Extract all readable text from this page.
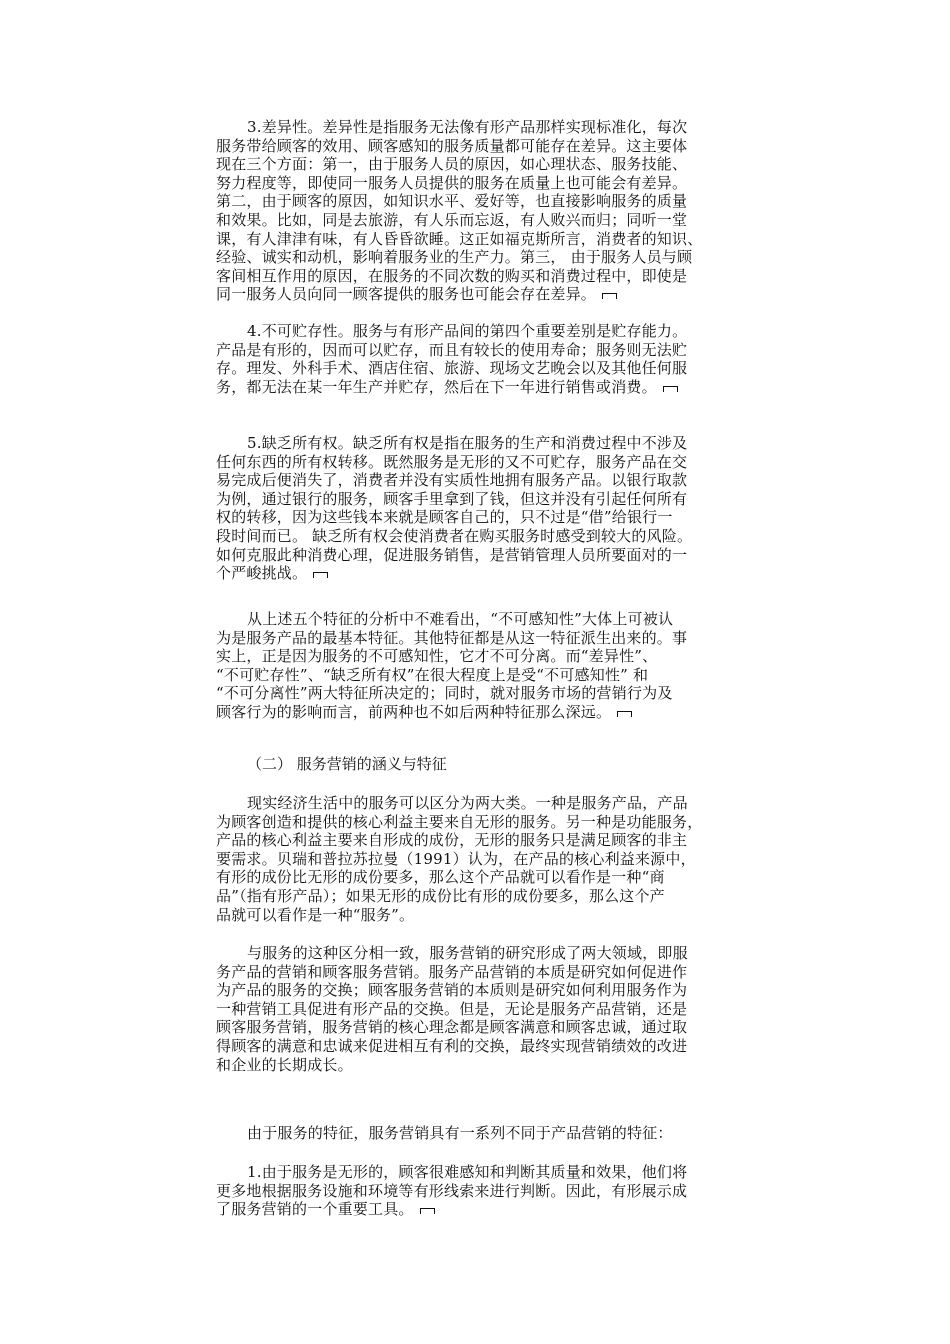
3.差异性。差异性是指服务无法像有形产品那样实现标准化，每次
服务带给顾客的效用、顾客感知的服务质量都可能存在差异。这主要体
现在三个方面：第一，由于服务人员的原因，如心理状态、服务技能、
努力程度等，即使同一服务人员提供的服务在质量上也可能会有差异。
第二，由于顾客的原因，如知识水平、爱好等，也直接影响服务的质量
和效果。比如，同是去旅游，有人乐而忘返，有人败兴而归；同听一堂
课，有人津津有味，有人昏昏欲睡。这正如福克斯所言，消费者的知识、
经验、诚实和动机，影响着服务业的生产力。第三， 由于服务人员与顾
客间相互作用的原因，在服务的不同次数的购买和消费过程中，即使是
同一服务人员向同一顾客提供的服务也可能会存在差异。
4.不可贮存性。服务与有形产品间的第四个重要差别是贮存能力。
产品是有形的，因而可以贮存，而且有较长的使用寿命；服务则无法贮
存。理发、外科手术、酒店住宿、旅游、现场文艺晚会以及其他任何服
务，都无法在某一年生产并贮存，然后在下一年进行销售或消费。
5.缺乏所有权。缺乏所有权是指在服务的生产和消费过程中不涉及
任何东西的所有权转移。既然服务是无形的又不可贮存，服务产品在交
易完成后便消失了，消费者并没有实质性地拥有服务产品。以银行取款
为例，通过银行的服务，顾客手里拿到了钱，但这并没有引起任何所有
权的转移，因为这些钱本来就是顾客自己的，只不过是“借”给银行一
段时间而已。 缺乏所有权会使消费者在购买服务时感受到较大的风险。
如何克服此种消费心理，促进服务销售，是营销管理人员所要面对的一
个严峻挑战。
从上述五个特征的分析中不难看出，“不可感知性”大体上可被认
为是服务产品的最基本特征。其他特征都是从这一特征派生出来的。事
实上，正是因为服务的不可感知性，它才不可分离。而“差异性”、
“不可贮存性”、“缺乏所有权”在很大程度上是受“不可感知性” 和
“不可分离性”两大特征所决定的；同时，就对服务市场的营销行为及
顾客行为的影响而言，前两种也不如后两种特征那么深远。
（二） 服务营销的涵义与特征
现实经济生活中的服务可以区分为两大类。一种是服务产品，产品
为顾客创造和提供的核心利益主要来自无形的服务。另一种是功能服务，
产品的核心利益主要来自形成的成份，无形的服务只是满足顾客的非主
要需求。贝瑞和普拉苏拉曼（1991）认为，在产品的核心利益来源中，
有形的成份比无形的成份要多，那么这个产品就可以看作是一种“商
品”（指有形产品）；如果无形的成份比有形的成份要多，那么这个产
品就可以看作是一种“服务”。
与服务的这种区分相一致，服务营销的研究形成了两大领域，即服
务产品的营销和顾客服务营销。服务产品营销的本质是研究如何促进作
为产品的服务的交换；顾客服务营销的本质则是研究如何利用服务作为
一种营销工具促进有形产品的交换。但是，无论是服务产品营销，还是
顾客服务营销，服务营销的核心理念都是顾客满意和顾客忠诚，通过取
得顾客的满意和忠诚来促进相互有利的交换，最终实现营销绩效的改进
和企业的长期成长。
由于服务的特征，服务营销具有一系列不同于产品营销的特征：
1.由于服务是无形的，顾客很难感知和判断其质量和效果，他们将
更多地根据服务设施和环境等有形线索来进行判断。因此，有形展示成
了服务营销的一个重要工具。
